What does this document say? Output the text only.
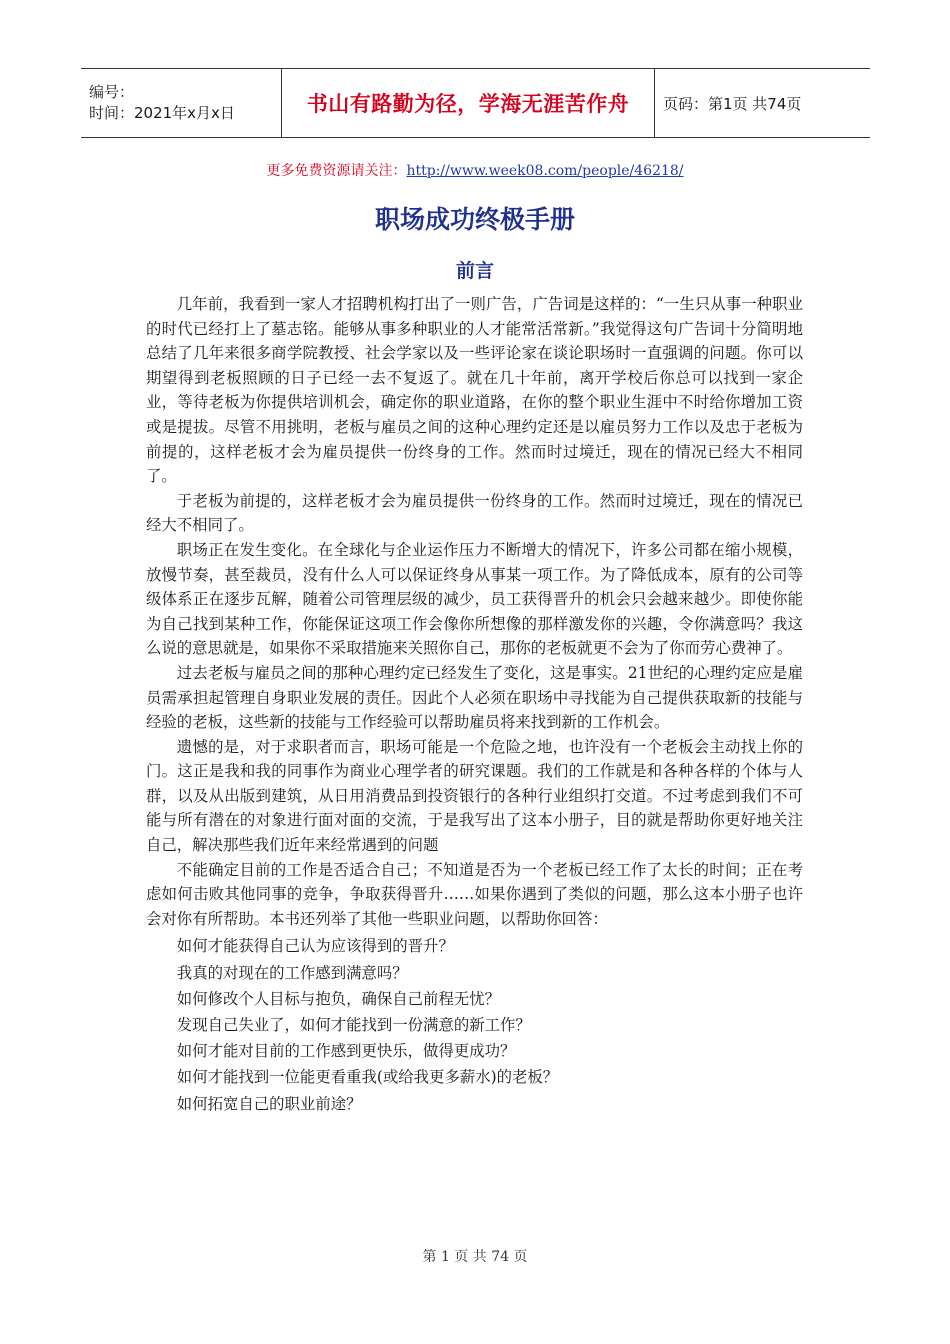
编号：
时间：2021年x月x日	书山有路勤为径，学海无涯苦作舟 页码：第1页 共74页
更多免费资源请关注：http://www.week08.com/people/46218/
职场成功终极手册
前言

几年前，我看到一家人才招聘机构打出了一则广告，广告词是这样的：“一生只从事一种职业的时代已经打上了墓志铭。能够从事多种职业的人才能常活常新。”我觉得这句广告词十分简明地总结了几年来很多商学院教授、社会学家以及一些评论家在谈论职场时一直强调的问题。你可以期望得到老板照顾的日子已经一去不复返了。就在几十年前，离开学校后你总可以找到一家企业，等待老板为你提供培训机会，确定你的职业道路，在你的整个职业生涯中不时给你增加工资或是提拔。尽管不用挑明，老板与雇员之间的这种心理约定还是以雇员努力工作以及忠于老板为前提的，这样老板才会为雇员提供一份终身的工作。然而时过境迁，现在的情况已经大不相同了。

于老板为前提的，这样老板才会为雇员提供一份终身的工作。然而时过境迁，现在的情况已经大不相同了。

职场正在发生变化。在全球化与企业运作压力不断增大的情况下，许多公司都在缩小规模，放慢节奏，甚至裁员，没有什么人可以保证终身从事某一项工作。为了降低成本，原有的公司等级体系正在逐步瓦解，随着公司管理层级的减少，员工获得晋升的机会只会越来越少。即使你能为自己找到某种工作，你能保证这项工作会像你所想像的那样激发你的兴趣，令你满意吗？我这么说的意思就是，如果你不采取措施来关照你自己，那你的老板就更不会为了你而劳心费神了。

过去老板与雇员之间的那种心理约定已经发生了变化，这是事实。21世纪的心理约定应是雇员需承担起管理自身职业发展的责任。因此个人必须在职场中寻找能为自己提供获取新的技能与经验的老板，这些新的技能与工作经验可以帮助雇员将来找到新的工作机会。

遗憾的是，对于求职者而言，职场可能是一个危险之地，也许没有一个老板会主动找上你的门。这正是我和我的同事作为商业心理学者的研究课题。我们的工作就是和各种各样的个体与人群，以及从出版到建筑，从日用消费品到投资银行的各种行业组织打交道。不过考虑到我们不可能与所有潜在的对象进行面对面的交流，于是我写出了这本小册子，目的就是帮助你更好地关注自己，解决那些我们近年来经常遇到的问题

不能确定目前的工作是否适合自己；不知道是否为一个老板已经工作了太长的时间；正在考虑如何击败其他同事的竞争，争取获得晋升……如果你遇到了类似的问题，那么这本小册子也许会对你有所帮助。本书还列举了其他一些职业问题，以帮助你回答：

如何才能获得自己认为应该得到的晋升？
我真的对现在的工作感到满意吗？
如何修改个人目标与抱负，确保自己前程无忧？
发现自己失业了，如何才能找到一份满意的新工作？
如何才能对目前的工作感到更快乐，做得更成功？
如何才能找到一位能更看重我(或给我更多薪水)的老板？
如何拓宽自己的职业前途？
第 1 页 共 74 页
